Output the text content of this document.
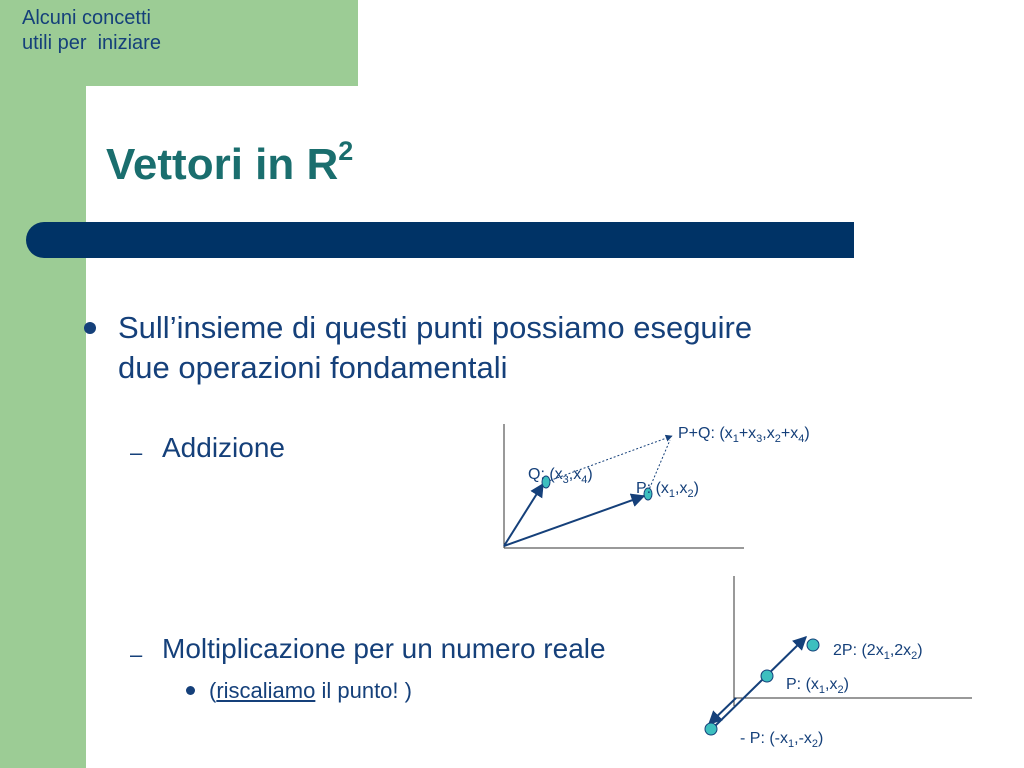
Alcuni concetti
utili per  iniziare
Vettori in $R^2$
Sull’insieme di questi punti possiamo eseguire due operazioni fondamentali
– Addizione
– Moltiplicazione per un numero reale
(riscaliamo il punto! )
P+Q: $(x_1+x_3,x_2+x_4)$
Q: $(x_3,x_4)$
P: $(x_1,x_2)$
2P: $(2x_1,2x_2)$
P: $(x_1,x_2)$
- P: $(-x_1,-x_2)$
